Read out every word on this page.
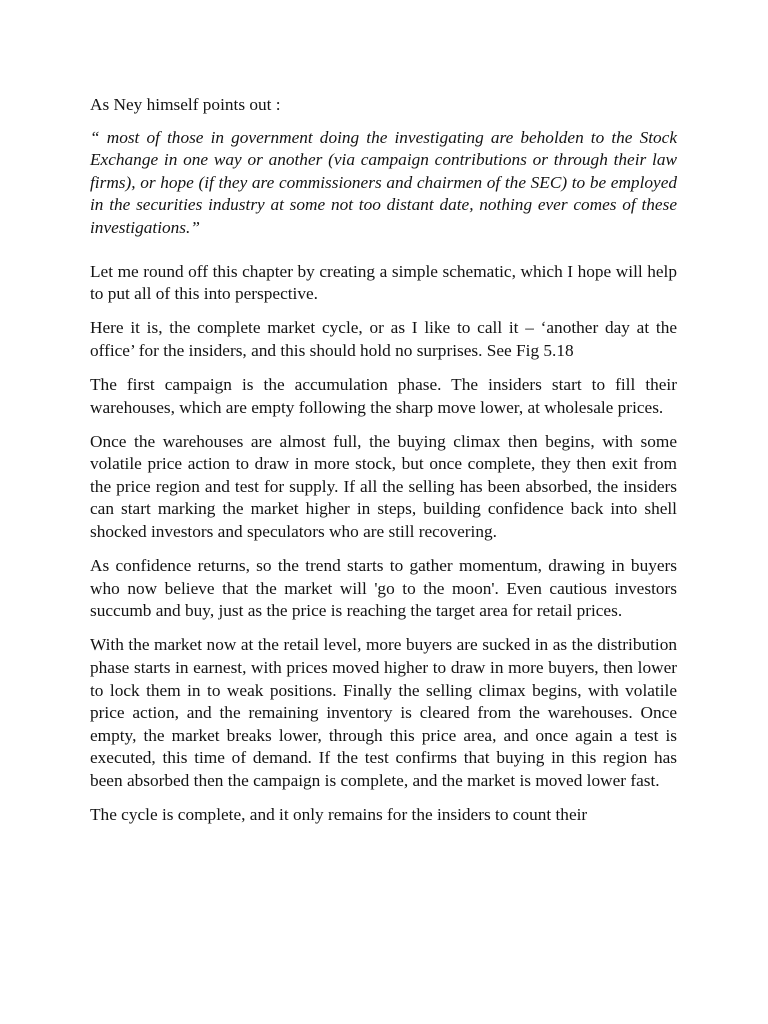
As Ney himself points out :

“ most of those in government doing the investigating are beholden to the Stock Exchange in one way or another (via campaign contributions or through their law firms), or hope (if they are commissioners and chairmen of the SEC) to be employed in the securities industry at some not too distant date, nothing ever comes of these investigations.”

Let me round off this chapter by creating a simple schematic, which I hope will help to put all of this into perspective.

Here it is, the complete market cycle, or as I like to call it – ‘another day at the office’ for the insiders, and this should hold no surprises. See Fig 5.18

The first campaign is the accumulation phase. The insiders start to fill their warehouses, which are empty following the sharp move lower, at wholesale prices.

Once the warehouses are almost full, the buying climax then begins, with some volatile price action to draw in more stock, but once complete, they then exit from the price region and test for supply. If all the selling has been absorbed, the insiders can start marking the market higher in steps, building confidence back into shell shocked investors and speculators who are still recovering.

As confidence returns, so the trend starts to gather momentum, drawing in buyers who now believe that the market will 'go to the moon'. Even cautious investors succumb and buy, just as the price is reaching the target area for retail prices.

With the market now at the retail level, more buyers are sucked in as the distribution phase starts in earnest, with prices moved higher to draw in more buyers, then lower to lock them in to weak positions. Finally the selling climax begins, with volatile price action, and the remaining inventory is cleared from the warehouses. Once empty, the market breaks lower, through this price area, and once again a test is executed, this time of demand. If the test confirms that buying in this region has been absorbed then the campaign is complete, and the market is moved lower fast.

The cycle is complete, and it only remains for the insiders to count their
